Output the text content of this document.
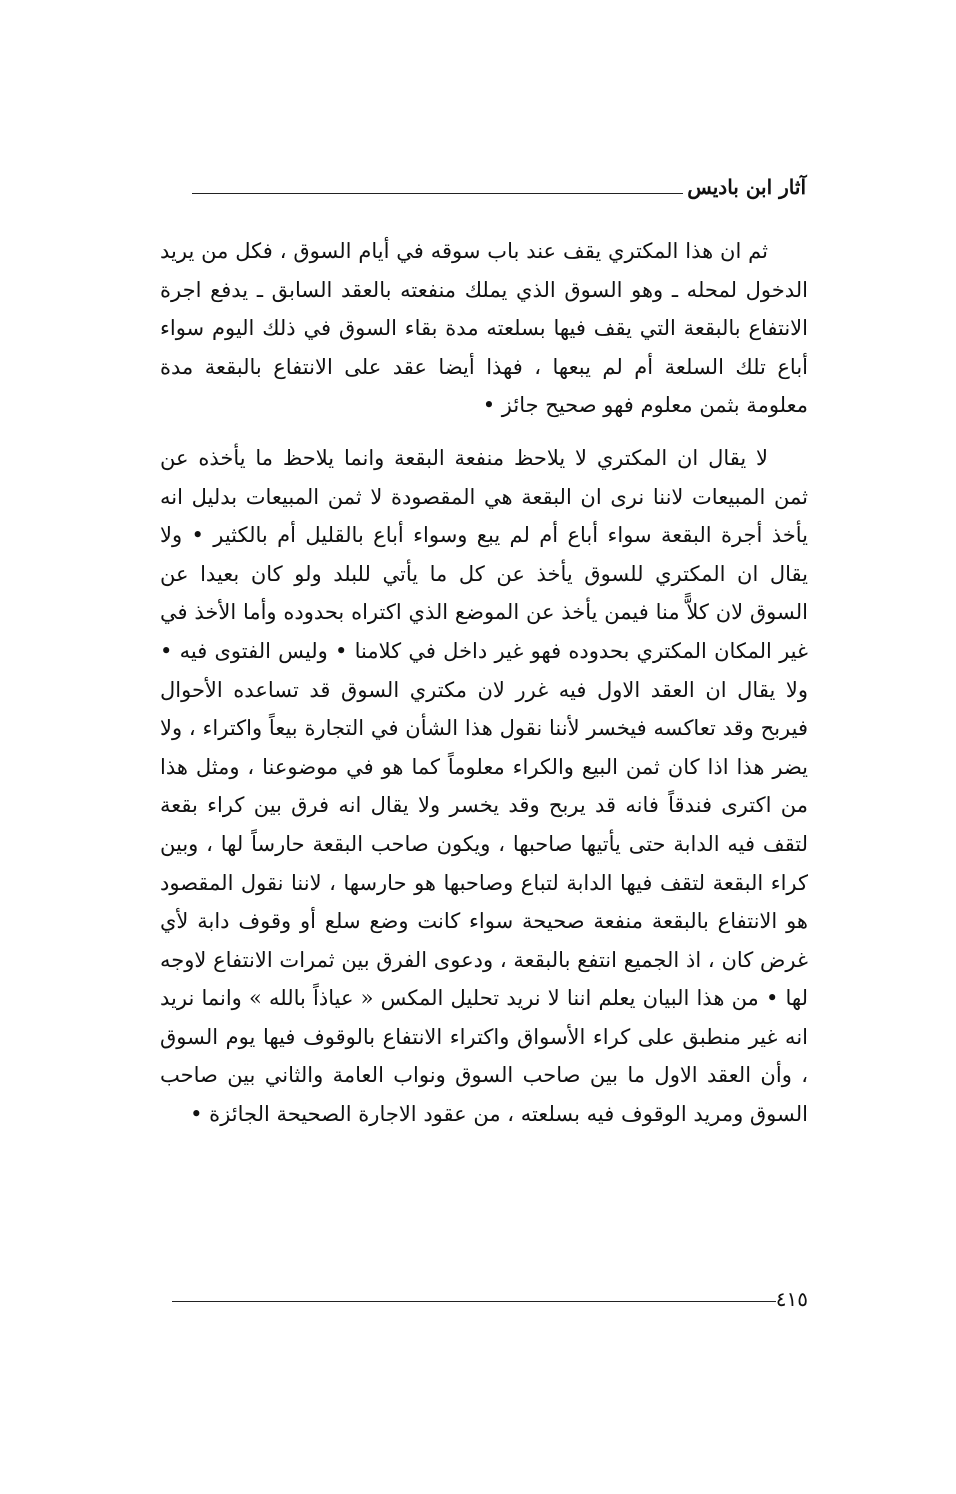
آثار ابن باديس

ثم ان هذا المكتري يقف عند باب سوقه في أيام السوق ، فكل من يريد الدخول لمحله ـ وهو السوق الذي يملك منفعته بالعقد السابق ـ يدفع اجرة الانتفاع بالبقعة التي يقف فيها بسلعته مدة بقاء السوق في ذلك اليوم سواء أباع تلك السلعة أم لم يبعها ، فهذا أيضا عقد على الانتفاع بالبقعة مدة معلومة بثمن معلوم فهو صحيح جائز •

لا يقال ان المكتري لا يلاحظ منفعة البقعة وانما يلاحظ ما يأخذه عن ثمن المبيعات لاننا نرى ان البقعة هي المقصودة لا ثمن المبيعات بدليل انه يأخذ أجرة البقعة سواء أباع أم لم يبع وسواء أباع بالقليل أم بالكثير • ولا يقال ان المكتري للسوق يأخذ عن كل ما يأتي للبلد ولو كان بعيدا عن السوق لان كلاًّ منا فيمن يأخذ عن الموضع الذي اكتراه بحدوده وأما الأخذ في غير المكان المكتري بحدوده فهو غير داخل في كلامنا • وليس الفتوى فيه • ولا يقال ان العقد الاول فيه غرر لان مكتري السوق قد تساعده الأحوال فيربح وقد تعاكسه فيخسر لأننا نقول هذا الشأن في التجارة بيعاً واكتراء ، ولا يضر هذا اذا كان ثمن البيع والكراء معلوماً كما هو في موضوعنا ، ومثل هذا من اكترى فندقاً فانه قد يربح وقد يخسر ولا يقال انه فرق بين كراء بقعة لتقف فيه الدابة حتى يأتيها صاحبها ، ويكون صاحب البقعة حارساً لها ، وبين كراء البقعة لتقف فيها الدابة لتباع وصاحبها هو حارسها ، لاننا نقول المقصود هو الانتفاع بالبقعة منفعة صحيحة سواء كانت وضع سلع أو وقوف دابة لأي غرض كان ، اذ الجميع انتفع بالبقعة ، ودعوى الفرق بين ثمرات الانتفاع لاوجه لها • من هذا البيان يعلم اننا لا نريد تحليل المكس « عياذاً بالله » وانما نريد انه غير منطبق على كراء الأسواق واكتراء الانتفاع بالوقوف فيها يوم السوق ، وأن العقد الاول ما بين صاحب السوق ونواب العامة والثاني بين صاحب السوق ومريد الوقوف فيه بسلعته ، من عقود الاجارة الصحيحة الجائزة •

٤١٥
